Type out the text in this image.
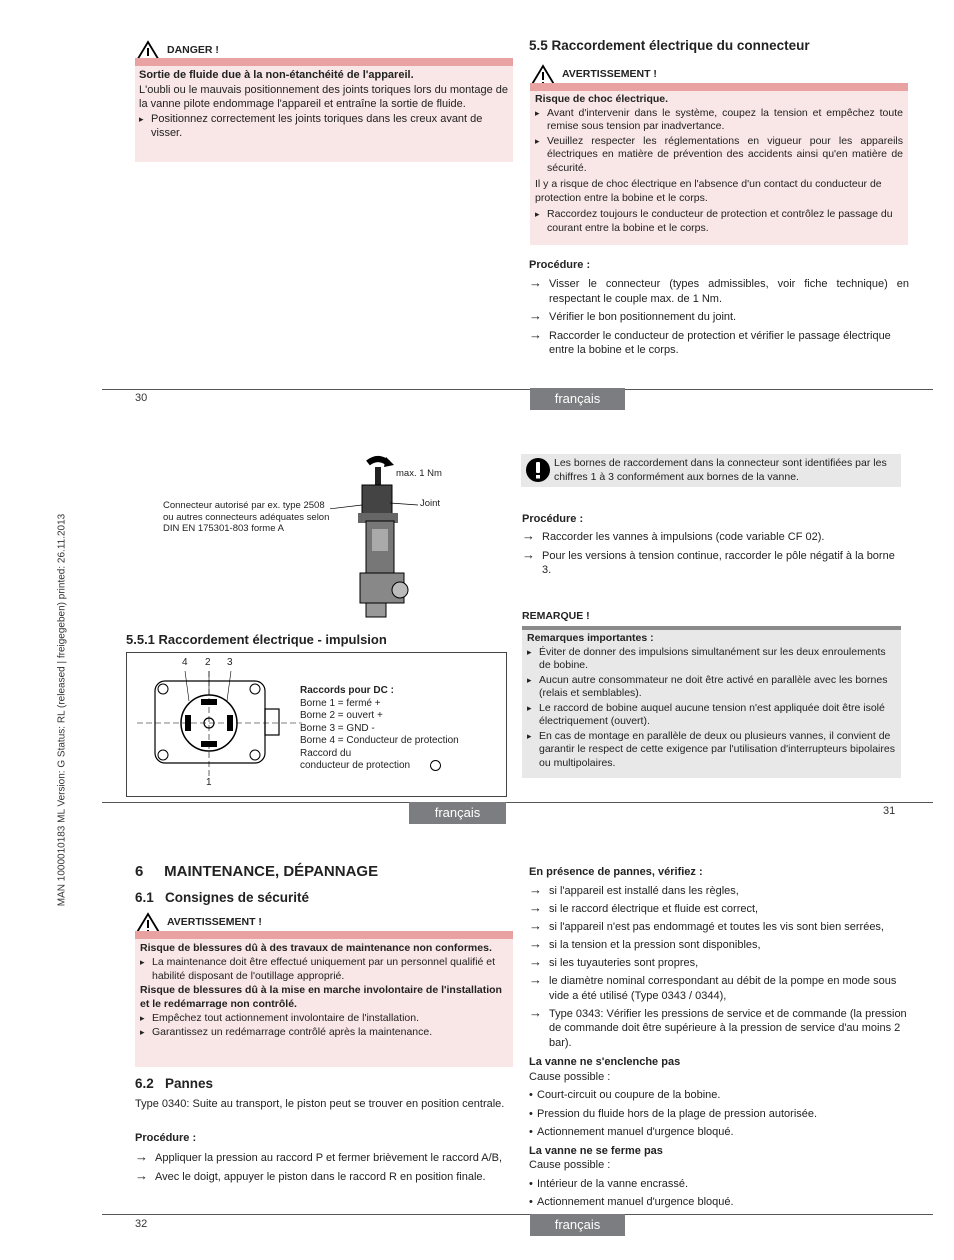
MAN 1000010183 ML Version: G Status: RL (released | freigegeben) printed: 26.11.2013
DANGER !

Sortie de fluide due à la non-étanchéité de l'appareil.

L'oubli ou le mauvais positionnement des joints toriques lors du montage de la vanne pilote endommage l'appareil et entraîne la sortie de fluide.

▸ Positionnez correctement les joints toriques dans les creux avant de visser.

5.5 Raccordement électrique du connecteur
AVERTISSEMENT !

Risque de choc électrique.

▸ Avant d'intervenir dans le système, coupez la tension et empêchez toute remise sous tension par inadvertance.

▸ Veuillez respecter les réglementations en vigueur pour les appareils électriques en matière de prévention des accidents ainsi qu'en matière de sécurité.

Il y a risque de choc électrique en l'absence d'un contact du conducteur de protection entre la bobine et le corps.

▸ Raccordez toujours le conducteur de protection et contrôlez le passage du courant entre la bobine et le corps.

Procédure :

→ Visser le connecteur (types admissibles, voir fiche technique) en respectant le couple max. de 1 Nm.

→ Vérifier le bon positionnement du joint.

→ Raccorder le conducteur de protection et vérifier le passage électrique entre la bobine et le corps.

30	français
max. 1 Nm
Joint
Connecteur autorisé par ex. type 2508 ou autres connecteurs adéquates selon DIN EN 175301-803 forme A
5.5.1 Raccordement électrique - impulsion
4 2 3
1

Raccords pour DC :

Borne 1 = fermé +

Borne 2 = ouvert +

Borne 3 = GND -

Borne 4 = Conducteur de protection

Raccord du

conducteur de protection

Les bornes de raccordement dans la connecteur sont identifiées par les chiffres 1 à 3 conformément aux bornes de la vanne.

Procédure :

→ Raccorder les vannes à impulsions (code variable CF 02).

→ Pour les versions à tension continue, raccorder le pôle négatif à la borne 3.

REMARQUE !

Remarques importantes :

▸ Éviter de donner des impulsions simultanément sur les deux enroulements de bobine.

▸ Aucun autre consommateur ne doit être activé en parallèle avec les bornes (relais et semblables).

▸ Le raccord de bobine auquel aucune tension n'est appliquée doit être isolé électriquement (ouvert).

▸ En cas de montage en parallèle de deux ou plusieurs vannes, il convient de garantir le respect de cette exigence par l'utilisation d'interrupteurs bipolaires ou multipolaires.

français	31
6     MAINTENANCE, DÉPANNAGE
6.1   Consignes de sécurité
AVERTISSEMENT !

Risque de blessures dû à des travaux de maintenance non conformes.

▸ La maintenance doit être effectué uniquement par un personnel qualifié et habilité disposant de l'outillage approprié.

Risque de blessures dû à la mise en marche involontaire de l'installation et le redémarrage non contrôlé.

▸ Empêchez tout actionnement involontaire de l'installation.

▸ Garantissez un redémarrage contrôlé après la maintenance.

6.2   Pannes

Type 0340: Suite au transport, le piston peut se trouver en position centrale.

Procédure :

→ Appliquer la pression au raccord P et fermer brièvement le raccord A/B,

→ Avec le doigt, appuyer le piston dans le raccord R en position finale.

En présence de pannes, vérifiez :

→ si l'appareil est installé dans les règles,

→ si le raccord électrique et fluide est correct,

→ si l'appareil n'est pas endommagé et toutes les vis sont bien serrées,

→ si la tension et la pression sont disponibles,

→ si les tuyauteries sont propres,

→ le diamètre nominal correspondant au débit de la pompe en mode sous vide a été utilisé (Type 0343 / 0344),

→ Type 0343: Vérifier les pressions de service et de commande (la pression de commande doit être supérieure à la pression de service d'au moins 2 bar).

La vanne ne s'enclenche pas

Cause possible :

• Court-circuit ou coupure de la bobine.

• Pression du fluide hors de la plage de pression autorisée.

• Actionnement manuel d'urgence bloqué.

La vanne ne se ferme pas

Cause possible :

• Intérieur de la vanne encrassé.

• Actionnement manuel d'urgence bloqué.

32	français
